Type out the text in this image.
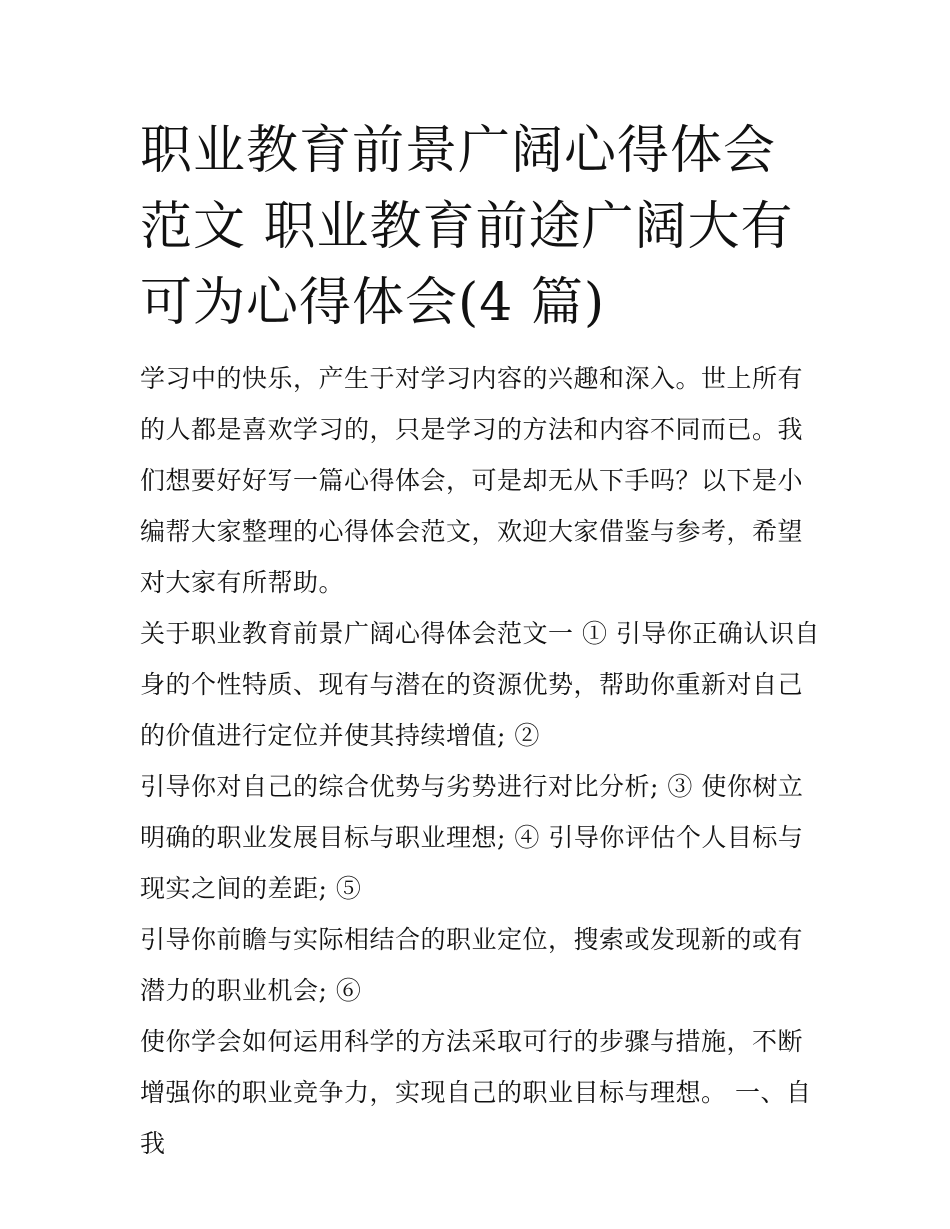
职业教育前景广阔心得体会范文 职业教育前途广阔大有可为心得体会(4 篇)

学习中的快乐，产生于对学习内容的兴趣和深入。世上所有的人都是喜欢学习的，只是学习的方法和内容不同而已。我们想要好好写一篇心得体会，可是却无从下手吗？以下是小编帮大家整理的心得体会范文，欢迎大家借鉴与参考，希望对大家有所帮助。

关于职业教育前景广阔心得体会范文一 ① 引导你正确认识自身的个性特质、现有与潜在的资源优势，帮助你重新对自己的价值进行定位并使其持续增值; ②

引导你对自己的综合优势与劣势进行对比分析; ③ 使你树立明确的职业发展目标与职业理想; ④ 引导你评估个人目标与现实之间的差距; ⑤

引导你前瞻与实际相结合的职业定位，搜索或发现新的或有潜力的职业机会; ⑥

使你学会如何运用科学的方法采取可行的步骤与措施，不断增强你的职业竞争力，实现自己的职业目标与理想。 一、自我
